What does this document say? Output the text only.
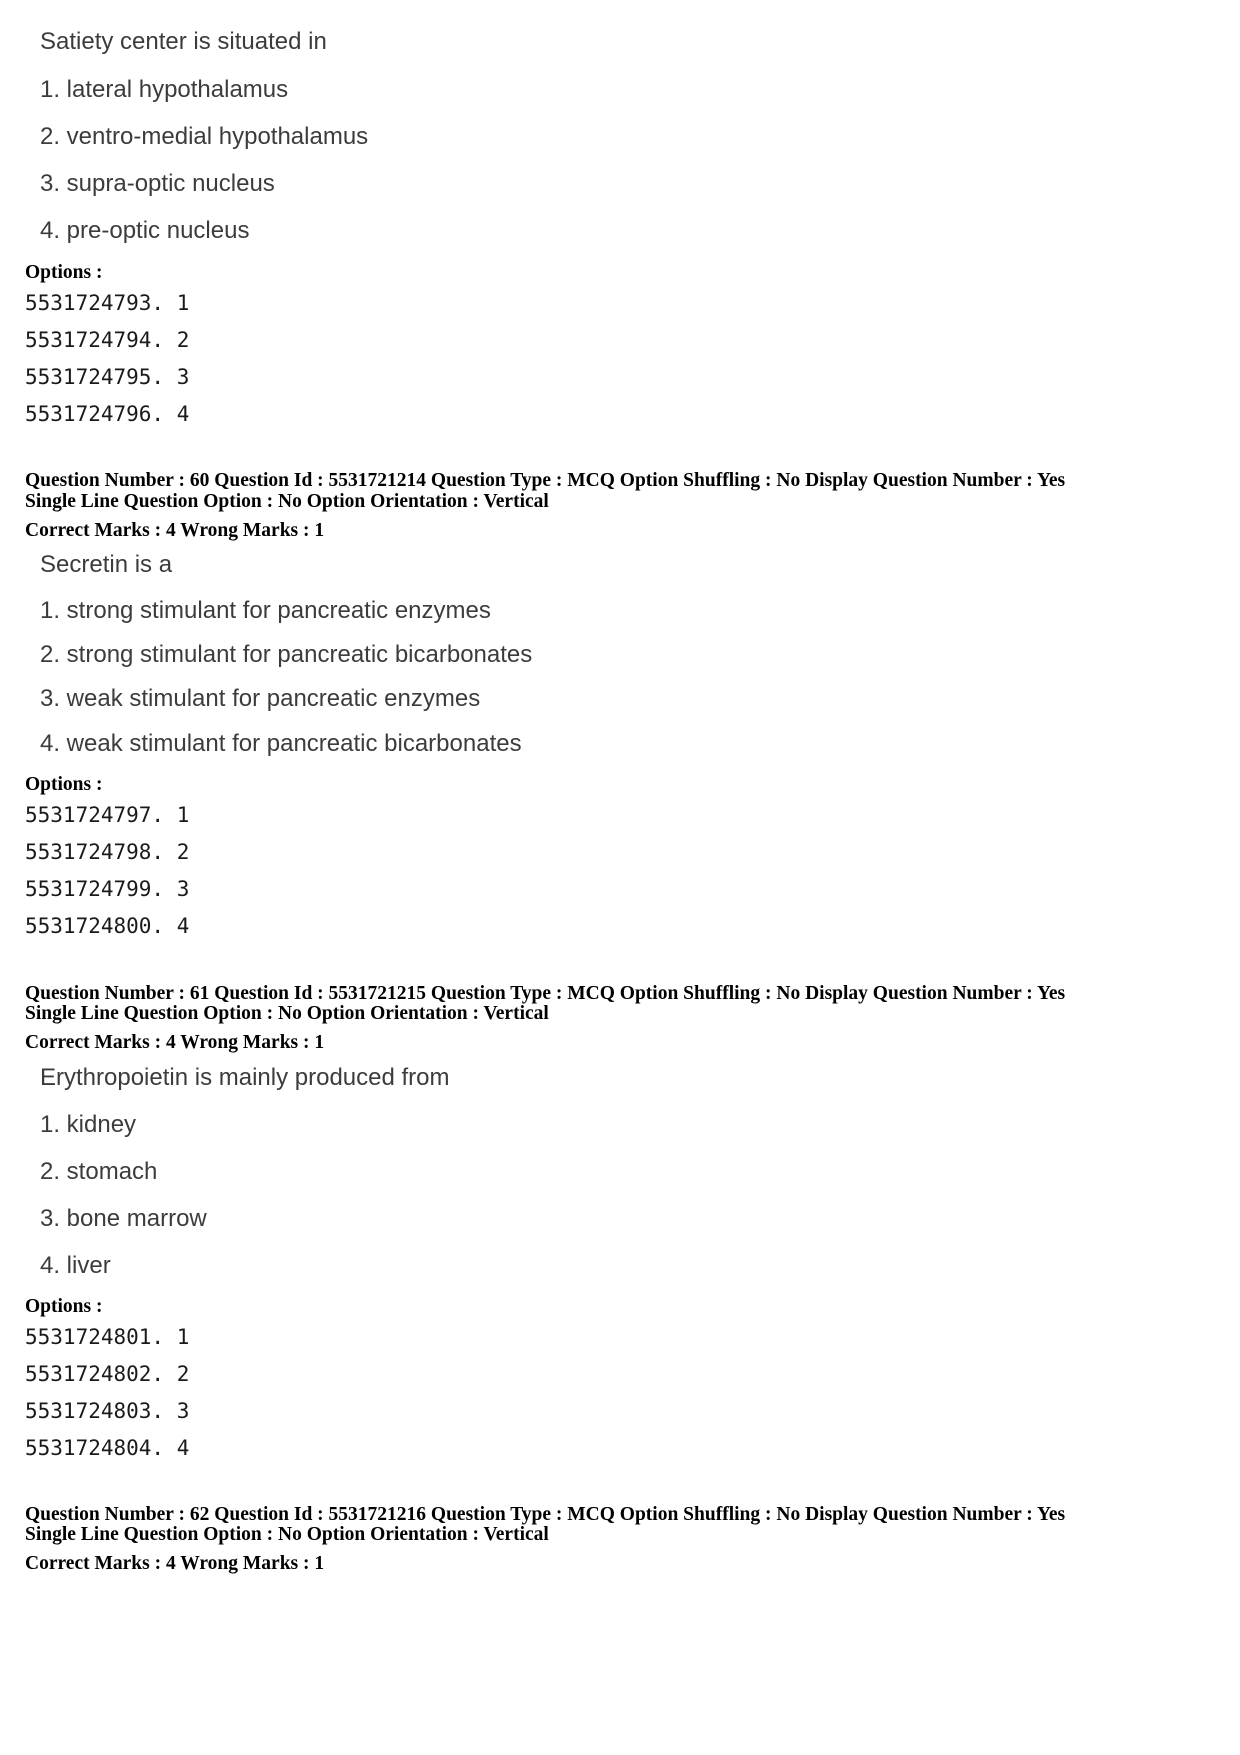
Satiety center is situated in
1. lateral hypothalamus
2. ventro-medial hypothalamus
3. supra-optic nucleus
4. pre-optic nucleus
Options :
5531724793. 1
5531724794. 2
5531724795. 3
5531724796. 4
Question Number : 60 Question Id : 5531721214 Question Type : MCQ Option Shuffling : No Display Question Number : Yes
Single Line Question Option : No Option Orientation : Vertical
Correct Marks : 4 Wrong Marks : 1
Secretin is a
1. strong stimulant for pancreatic enzymes
2. strong stimulant for pancreatic bicarbonates
3. weak stimulant for pancreatic enzymes
4. weak stimulant for pancreatic bicarbonates
Options :
5531724797. 1
5531724798. 2
5531724799. 3
5531724800. 4
Question Number : 61 Question Id : 5531721215 Question Type : MCQ Option Shuffling : No Display Question Number : Yes
Single Line Question Option : No Option Orientation : Vertical
Correct Marks : 4 Wrong Marks : 1
Erythropoietin is mainly produced from
1. kidney
2. stomach
3. bone marrow
4. liver
Options :
5531724801. 1
5531724802. 2
5531724803. 3
5531724804. 4
Question Number : 62 Question Id : 5531721216 Question Type : MCQ Option Shuffling : No Display Question Number : Yes
Single Line Question Option : No Option Orientation : Vertical
Correct Marks : 4 Wrong Marks : 1
